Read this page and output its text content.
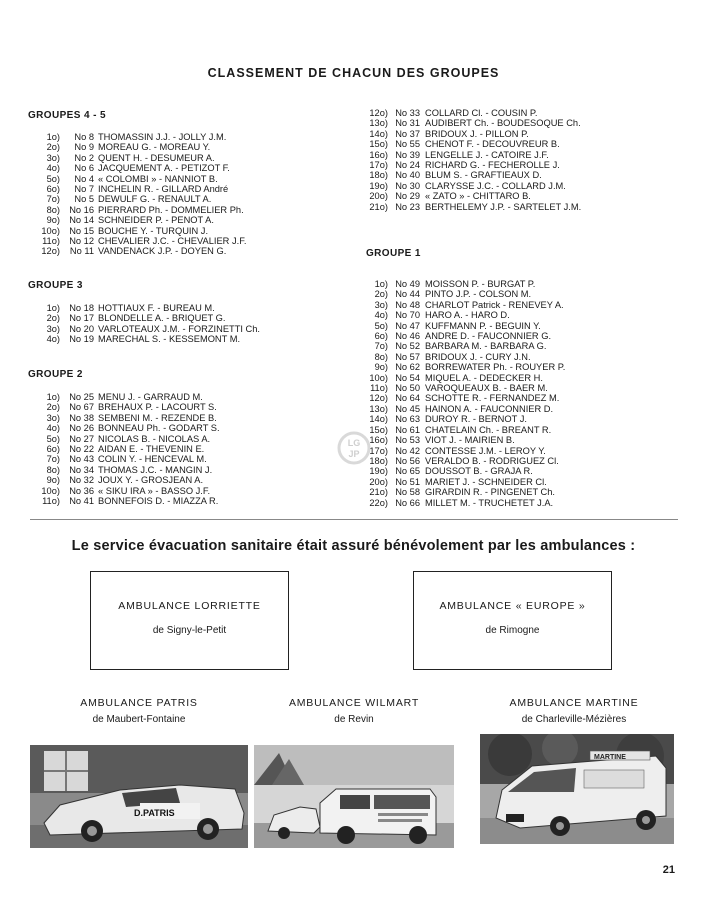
CLASSEMENT DE CHACUN DES GROUPES
GROUPES 4 - 5
1o)	No 8 THOMASSIN J.J. - JOLLY J.M.
2o)	No 9 MOREAU G. - MOREAU Y.
3o)	No 2 QUENT H. - DESUMEUR A.
4o)	No 6 JACQUEMENT A. - PETIZOT F.
5o)	No 4 « COLOMBI » - NANNIOT B.
6o)	No 7 INCHELIN R. - GILLARD André
7o)	No 5 DEWULF G. - RENAULT A.
8o) No 16 PIERRARD Ph. - DOMMELIER Ph.
9o) No 14 SCHNEIDER P. - PENOT A.
10o) No 15 BOUCHE Y. - TURQUIN J.
11o) No 12 CHEVALIER J.C. - CHEVALIER J.F.
12o)	No 11 VANDENACK J.P. - DOYEN G.
GROUPE 3
1o) No 18 HOTTIAUX F. - BUREAU M.
2o) No 17 BLONDELLE A. - BRIQUET G.
3o) No 20 VARLOTEAUX J.M. - FORZINETTI Ch.
4o) No 19 MARECHAL S. - KESSEMONT M.
GROUPE 2
1o) No 25 MENU J. - GARRAUD M.
2o) No 67 BREHAUX P. - LACOURT S.
3o) No 38 SEMBENI M. - REZENDE B.
4o) No 26 BONNEAU Ph. - GODART S.
5o) No 27 NICOLAS B. - NICOLAS A.
6o) No 22 AIDAN E. - THEVENIN E.
7o) No 43 COLIN Y. - HENCEVAL M.
8o) No 34 THOMAS J.C. - MANGIN J.
9o) No 32 JOUX Y. - GROSJEAN A.
10o) No 36 « SIKU IRA » - BASSO J.F.
11o) No 41 BONNEFOIS D. - MIAZZA R.
12o) No 33 COLLARD Cl. - COUSIN P.
13o) No 31 AUDIBERT Ch. - BOUDESOQUE Ch.
14o) No 37 BRIDOUX J. - PILLON P.
15o) No 55 CHENOT F. - DECOUVREUR B.
16o) No 39 LENGELLE J. - CATOIRE J.F.
17o) No 24 RICHARD G. - FECHEROLLE J.
18o) No 40 BLUM S. - GRAFTIEAUX D.
19o) No 30 CLARYSSE J.C. - COLLARD J.M.
20o) No 29 « ZATO » - CHITTARO B.
21o) No 23 BERTHELEMY J.P. - SARTELET J.M.
GROUPE 1
1o) No 49 MOISSON P. - BURGAT P.
2o) No 44 PINTO J.P. - COLSON M.
3o) No 48 CHARLOT Patrick - RENEVEY A.
4o) No 70 HARO A. - HARO D.
5o) No 47 KUFFMANN P. - BEGUIN Y.
6o) No 46 ANDRE D. - FAUCONNIER G.
7o) No 52 BARBARA M. - BARBARA G.
8o) No 57 BRIDOUX J. - CURY J.N.
9o) No 62 BORREWATER Ph. - ROUYER P.
10o) No 54 MIQUEL A. - DEDECKER H.
11o) No 50 VAROQUEAUX B. - BAER M.
12o) No 64 SCHOTTE R. - FERNANDEZ M.
13o) No 45 HAINON A. - FAUCONNIER D.
14o) No 63 DUROY R. - BERNOT J.
15o) No 61 CHATELAIN Ch. - BREANT R.
16o) No 53 VIOT J. - MAIRIEN B.
17o) No 42 CONTESSE J.M. - LEROY Y.
18o) No 56 VERALDO B. - RODRIGUEZ Cl.
19o) No 65 DOUSSOT B. - GRAJA R.
20o) No 51 MARIET J. - SCHNEIDER Cl.
21o) No 58 GIRARDIN R. - PINGENET Ch.
22o) No 66 MILLET M. - TRUCHETET J.A.
LG
JP
Le service évacuation sanitaire était assuré bénévolement par les ambulances :
AMBULANCE LORRIETTE
de Signy-le-Petit
AMBULANCE « EUROPE »
de Rimogne
AMBULANCE PATRIS
de Maubert-Fontaine
AMBULANCE WILMART
de Revin
AMBULANCE MARTINE
de Charleville-Mézières
D.PATRIS
MARTINE
21
